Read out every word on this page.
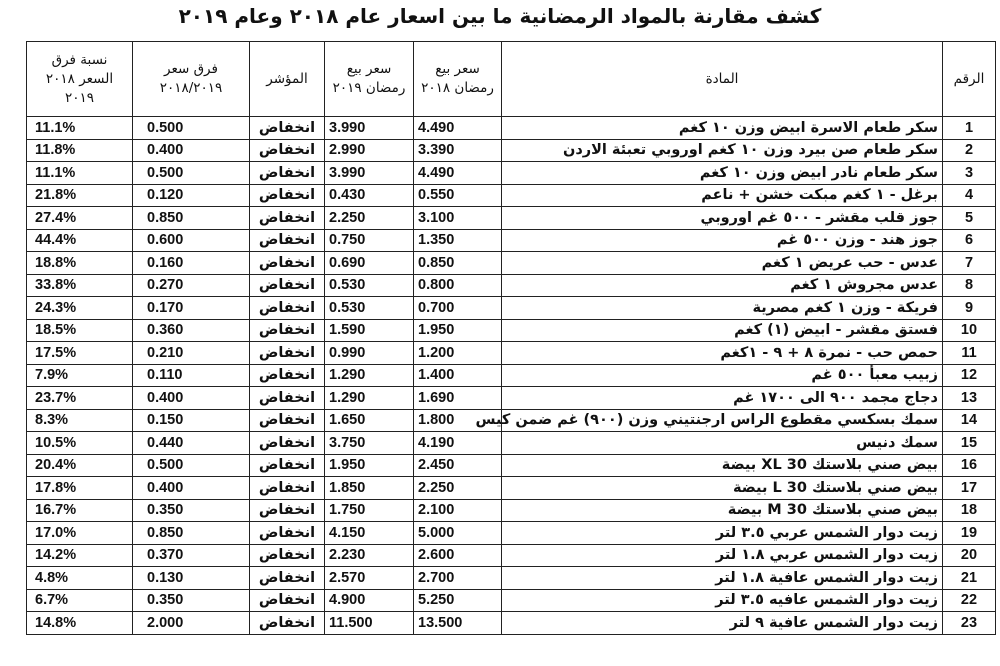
كشف مقارنة بالمواد الرمضانية ما بين اسعار عام ٢٠١٨ وعام ٢٠١٩
الرقم	المادة	سعر بيع رمضان ٢٠١٨	سعر بيع رمضان ٢٠١٩	المؤشر	فرق سعر ٢٠١٨/٢٠١٩	نسبة فرق السعر ٢٠١٨ ٢٠١٩
1	سكر طعام الاسرة ابيض وزن ١٠ كغم	4.490	3.990	انخفاض	0.500	11.1%
2	سكر طعام صن بيرد وزن ١٠ كغم اوروبي تعبئة الاردن	3.390	2.990	انخفاض	0.400	11.8%
3	سكر طعام نادر ابيض وزن ١٠ كغم	4.490	3.990	انخفاض	0.500	11.1%
4	برغل - ١ كغم مبكت خشن + ناعم	0.550	0.430	انخفاض	0.120	21.8%
5	جوز قلب مقشر - ٥٠٠ غم اوروبي	3.100	2.250	انخفاض	0.850	27.4%
6	جوز هند - وزن ٥٠٠ غم	1.350	0.750	انخفاض	0.600	44.4%
7	عدس - حب عريض ١ كغم	0.850	0.690	انخفاض	0.160	18.8%
8	عدس مجروش ١ كغم	0.800	0.530	انخفاض	0.270	33.8%
9	فريكة - وزن ١ كغم مصرية	0.700	0.530	انخفاض	0.170	24.3%
10	فستق مقشر - ابيض (١) كغم	1.950	1.590	انخفاض	0.360	18.5%
11	حمص حب - نمرة ٨ + ٩ - ١كغم	1.200	0.990	انخفاض	0.210	17.5%
12	زبيب معبأ ٥٠٠ غم	1.400	1.290	انخفاض	0.110	7.9%
13	دجاج مجمد ٩٠٠ الى ١٧٠٠ غم	1.690	1.290	انخفاض	0.400	23.7%
14	سمك بسكسي مقطوع الراس ارجنتيني وزن (٩٠٠) غم ضمن كيس	1.800	1.650	انخفاض	0.150	8.3%
15	سمك دنيس	4.190	3.750	انخفاض	0.440	10.5%
16	بيض صني بلاستك 30 XL بيضة	2.450	1.950	انخفاض	0.500	20.4%
17	بيض صني بلاستك 30 L بيضة	2.250	1.850	انخفاض	0.400	17.8%
18	بيض صني بلاستك 30 M بيضة	2.100	1.750	انخفاض	0.350	16.7%
19	زيت دوار الشمس عربي ٣.٥ لتر	5.000	4.150	انخفاض	0.850	17.0%
20	زيت دوار الشمس عربي ١.٨ لتر	2.600	2.230	انخفاض	0.370	14.2%
21	زيت دوار الشمس عافية ١.٨ لتر	2.700	2.570	انخفاض	0.130	4.8%
22	زيت دوار الشمس عافيه ٣.٥ لتر	5.250	4.900	انخفاض	0.350	6.7%
23	زيت دوار الشمس عافية ٩ لتر	13.500	11.500	انخفاض	2.000	14.8%
